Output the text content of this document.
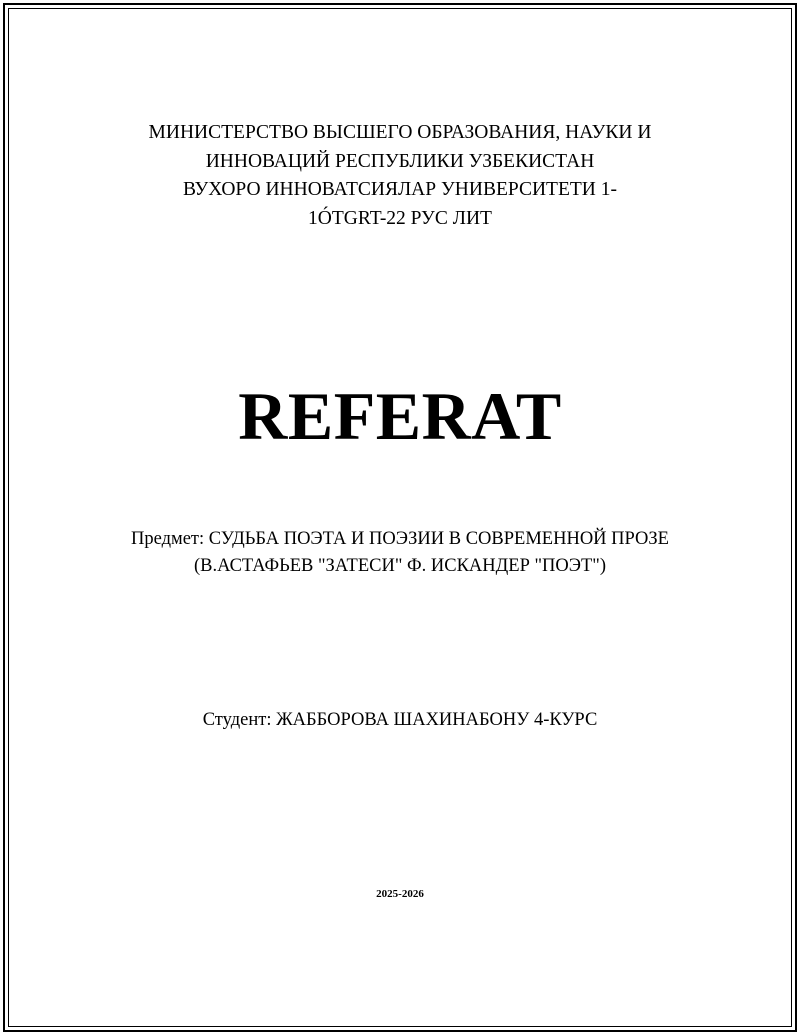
МИНИСТЕРСТВО ВЫСШЕГО ОБРАЗОВАНИЯ, НАУКИ И
ИННОВАЦИЙ РЕСПУБЛИКИ УЗБЕКИСТАН
ВУХОРО ИННОВАТСИЯЛАР УНИВЕРСИТЕТИ 1-
1ÓTGRT-22 РУС ЛИТ
REFERAT
Предмет: СУДЬБА ПОЭТА И ПОЭЗИИ В СОВРЕМЕННОЙ ПРОЗЕ
(В.АСТАФЬЕВ "ЗАТЕСИ" Ф. ИСКАНДЕР "ПОЭТ")
Студент: ЖАББОРОВА ШАХИНАБОНУ 4-КУРС
2025-2026
